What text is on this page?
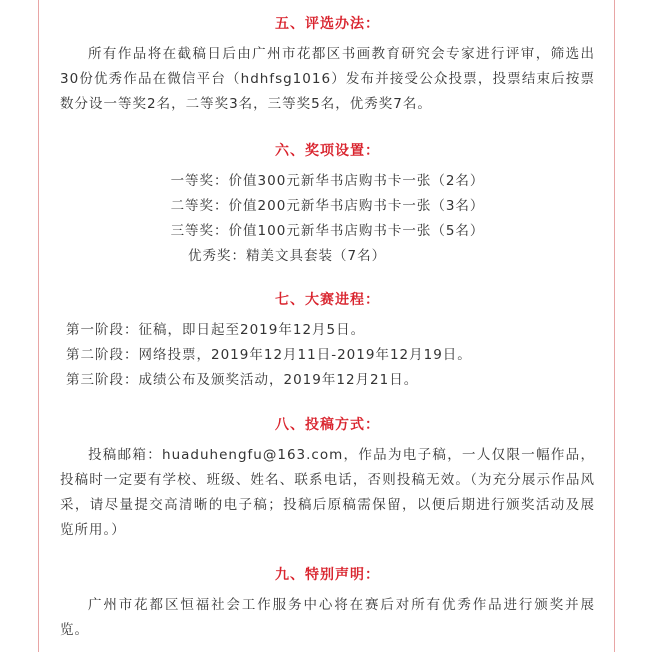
五、评选办法：

所有作品将在截稿日后由广州市花都区书画教育研究会专家进行评审，筛选出30份优秀作品在微信平台（hdhfsg1016）发布并接受公众投票，投票结束后按票数分设一等奖2名，二等奖3名，三等奖5名，优秀奖7名。

六、奖项设置：
一等奖：价值300元新华书店购书卡一张（2名）
二等奖：价值200元新华书店购书卡一张（3名）
三等奖：价值100元新华书店购书卡一张（5名）
优秀奖：精美文具套装（7名）
七、大赛进程：
第一阶段：征稿，即日起至2019年12月5日。
第二阶段：网络投票，2019年12月11日-2019年12月19日。
第三阶段：成绩公布及颁奖活动，2019年12月21日。
八、投稿方式：

投稿邮箱：huaduhengfu@163.com，作品为电子稿，一人仅限一幅作品，投稿时一定要有学校、班级、姓名、联系电话，否则投稿无效。（为充分展示作品风采，请尽量提交高清晰的电子稿；投稿后原稿需保留，以便后期进行颁奖活动及展览所用。）

九、特别声明：

广州市花都区恒福社会工作服务中心将在赛后对所有优秀作品进行颁奖并展览。
